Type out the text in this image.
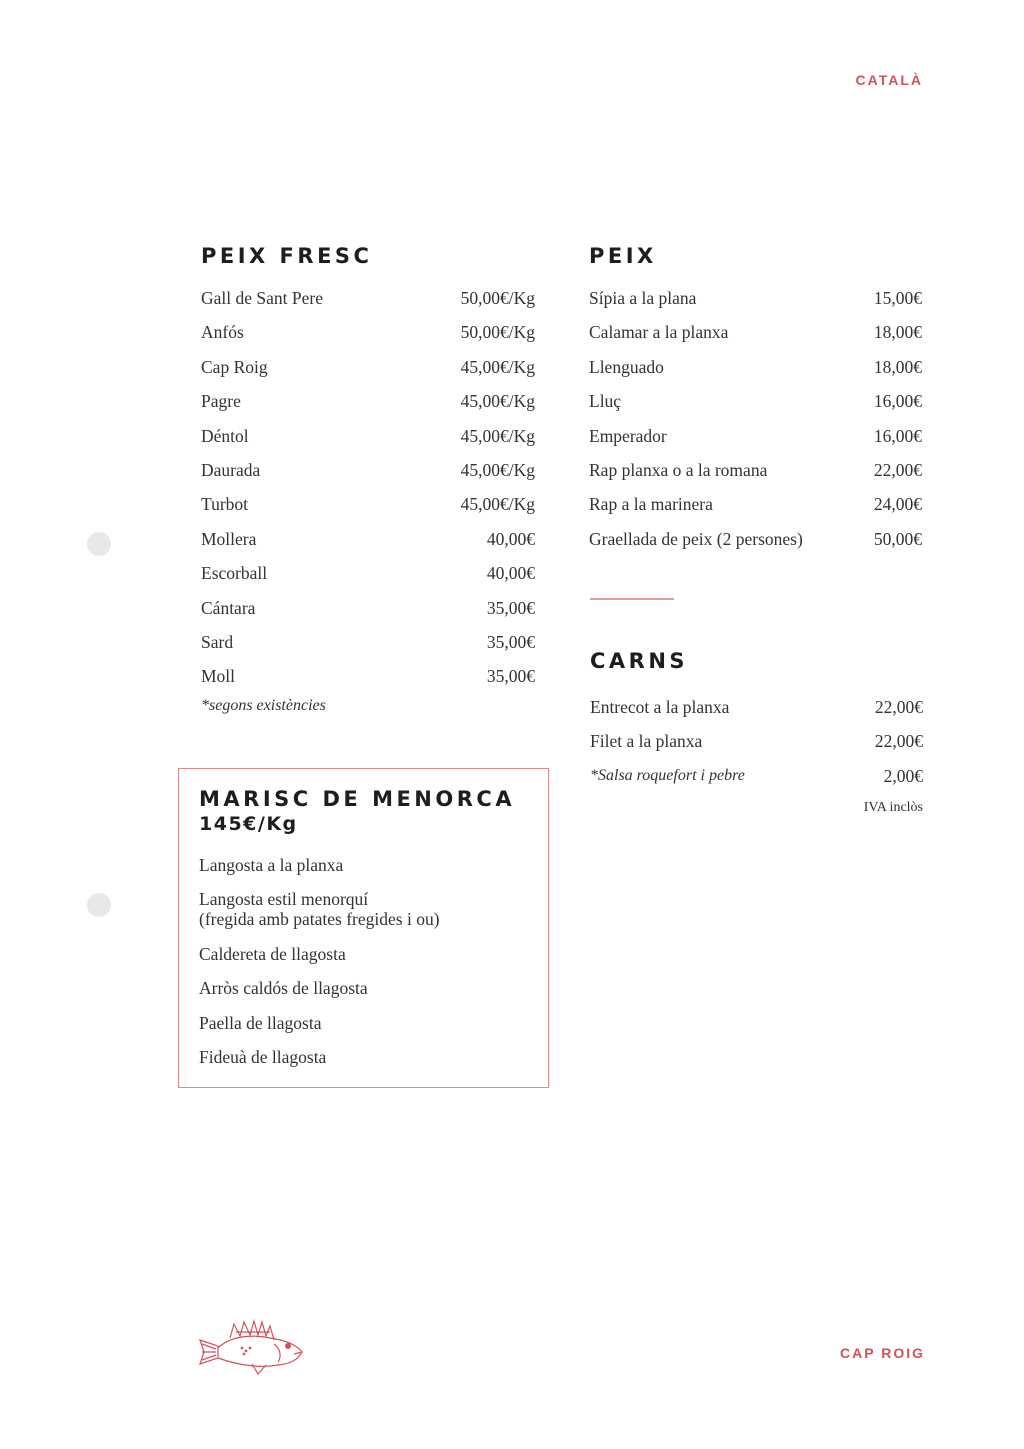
CATALÀ
PEIX FRESC
Gall de Sant Pere	50,00€/Kg
Anfós	50,00€/Kg
Cap Roig	45,00€/Kg
Pagre	45,00€/Kg
Déntol	45,00€/Kg
Daurada	45,00€/Kg
Turbot	45,00€/Kg
Mollera	40,00€
Escorball	40,00€
Cántara	35,00€
Sard	35,00€
Moll	35,00€
*segons existències
MARISC DE MENORCA
145€/Kg
Langosta a la planxa
Langosta estil menorquí
(fregida amb patates fregides i ou)
Caldereta de llagosta
Arròs caldós de llagosta
Paella de llagosta
Fideuà de llagosta
PEIX
Sípia a la plana	15,00€
Calamar a la planxa	18,00€
Llenguado	18,00€
Lluç	16,00€
Emperador	16,00€
Rap planxa o a la romana	22,00€
Rap a la marinera	24,00€
Graellada de peix (2 persones)	50,00€
CARNS
Entrecot a la planxa	22,00€
Filet a la planxa	22,00€
*Salsa roquefort i pebre	2,00€
IVA inclòs
CAP ROIG
